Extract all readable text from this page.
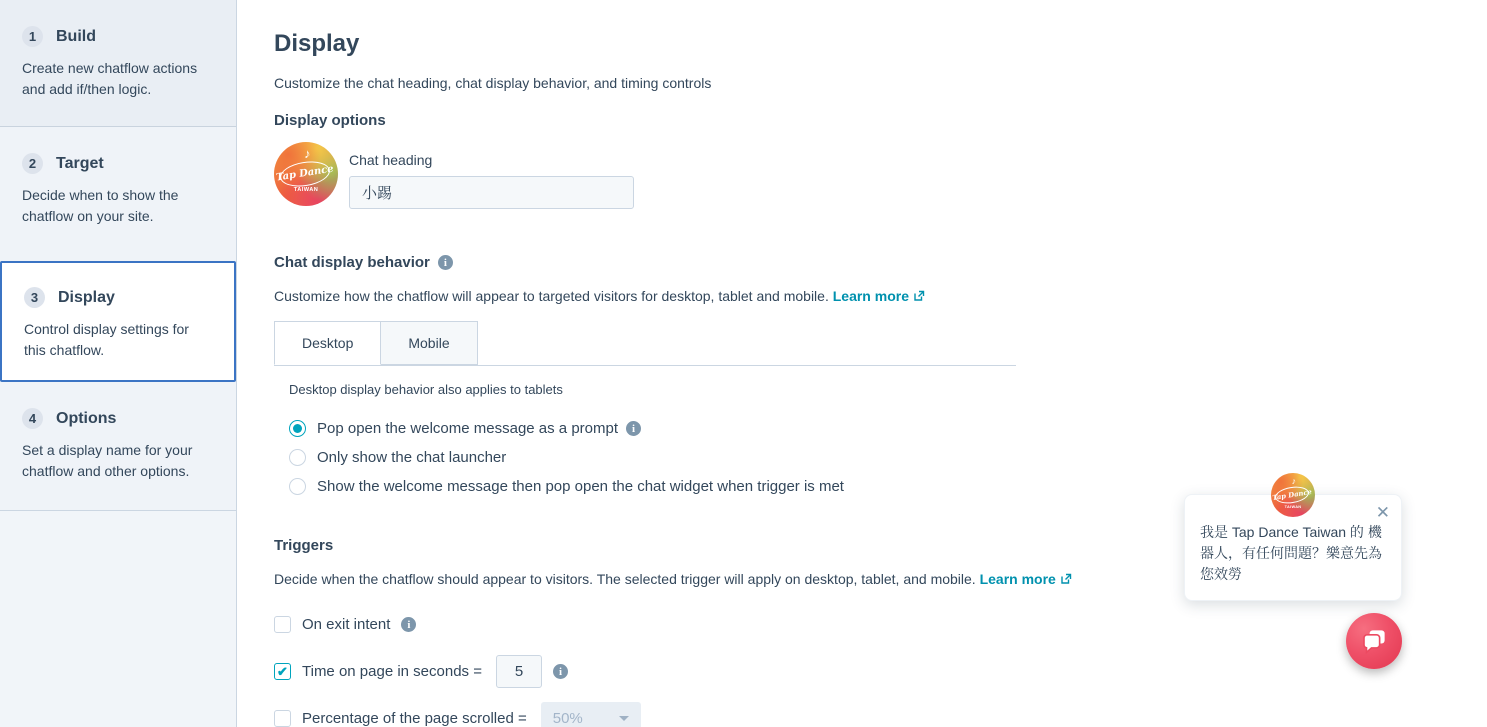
1	Build
Create new chatflow actions and add if/then logic.
2	Target
Decide when to show the chatflow on your site.
3	Display
Control display settings for this chatflow.
4	Options
Set a display name for your chatflow and other options.
Display
Customize the chat heading, chat display behavior, and timing controls
Display options
♪
Tap Dance
TAIWAN
Chat heading
小踢
Chat display behavior	i
Customize how the chatflow will appear to targeted visitors for desktop, tablet and mobile. Learn more
Desktop	Mobile
Desktop display behavior also applies to tablets
Pop open the welcome message as a prompt	i
Only show the chat launcher
Show the welcome message then pop open the chat widget when trigger is met
Triggers
Decide when the chatflow should appear to visitors. The selected trigger will apply on desktop, tablet, and mobile. Learn more
On exit intent	i
✔ Time on page in seconds =
5	i
Percentage of the page scrolled = 50%
♪
Tap Dance
TAIWAN	✕
我是 Tap Dance Taiwan 的 機器人，有任何問題？樂意先為您效勞
